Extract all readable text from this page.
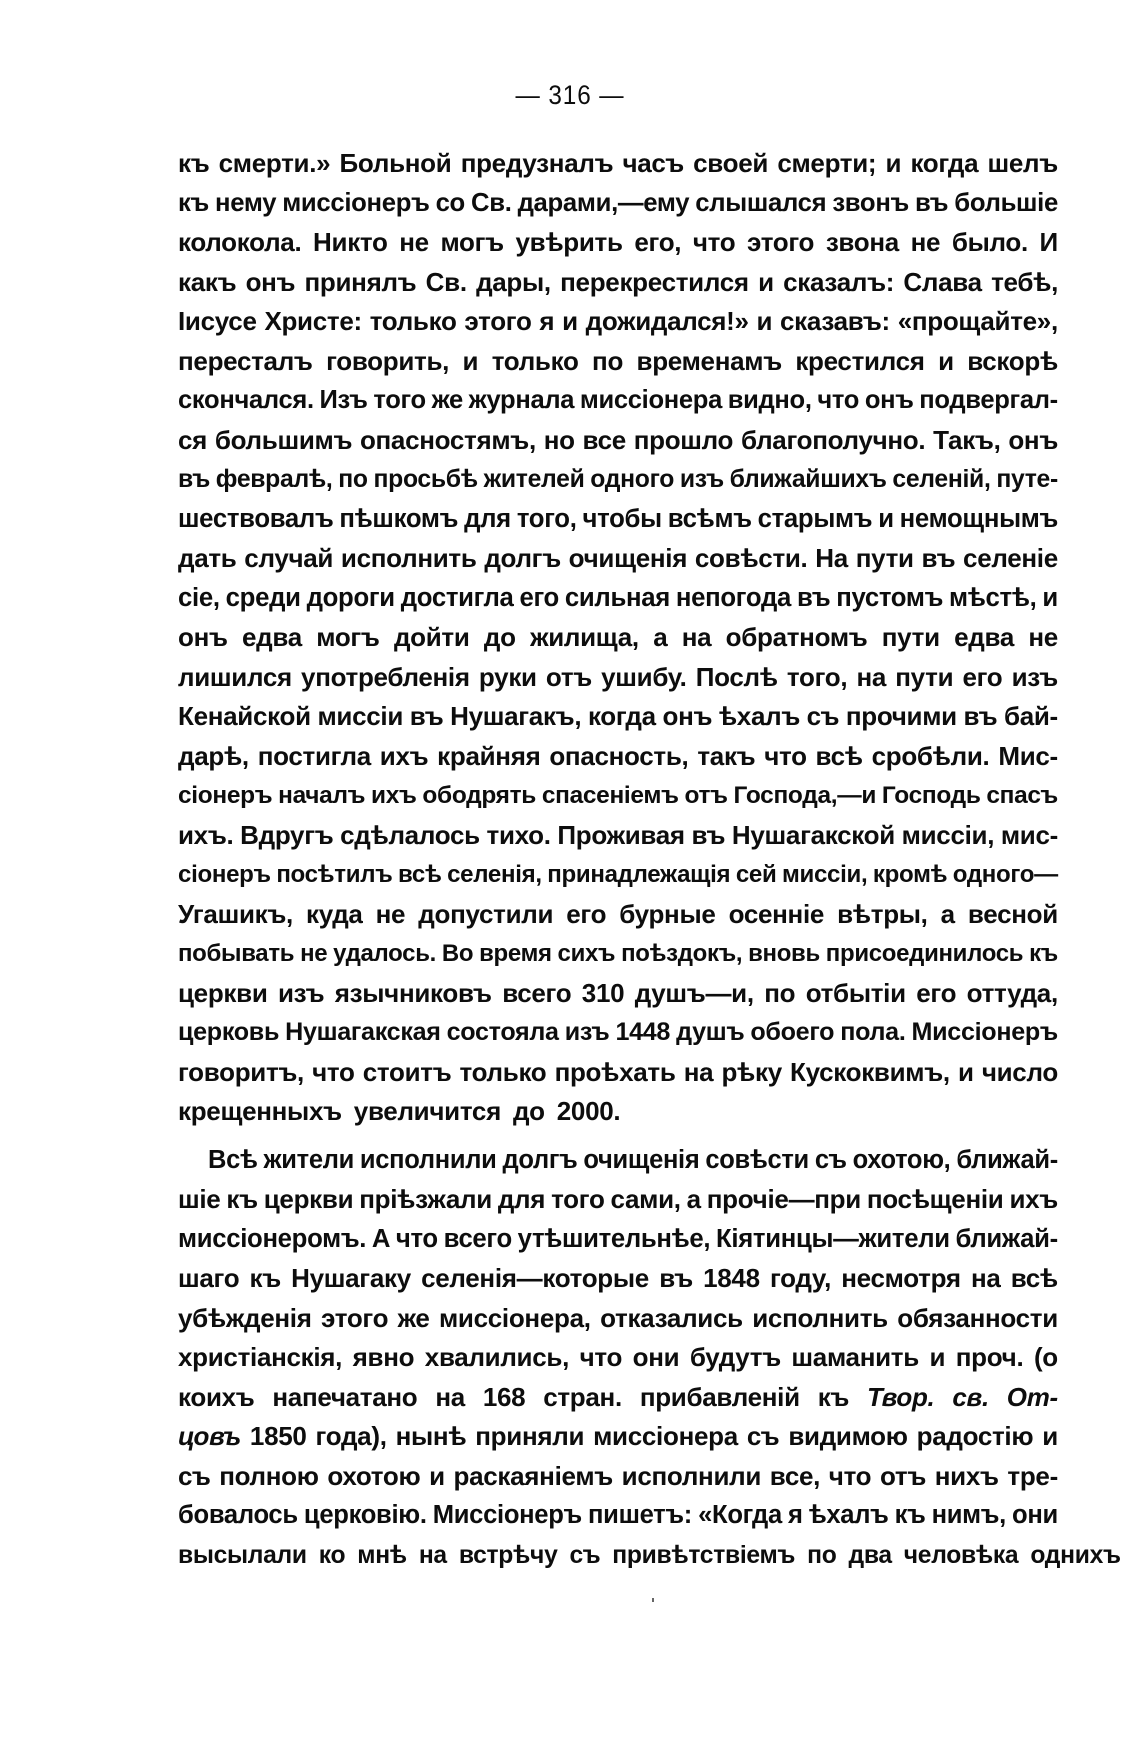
— 316 —
къ смерти.» Больной предузналъ часъ своей смерти; и когда шелъ
къ нему миссіонеръ со Св. дарами,—ему слышался звонъ въ большіе
колокола. Никто не могъ увѣрить его, что этого звона не было. И
какъ онъ принялъ Св. дары, перекрестился и сказалъ: Слава тебѣ,
Іисусе Христе: только этого я и дожидался!» и сказавъ: «прощайте»,
пересталъ говорить, и только по временамъ крестился и вскорѣ
скончался. Изъ того же журнала миссіонера видно, что онъ подвергал-
ся большимъ опасностямъ, но все прошло благополучно. Такъ, онъ
въ февралѣ, по просьбѣ жителей одного изъ ближайшихъ селеній, путе-
шествовалъ пѣшкомъ для того, чтобы всѣмъ старымъ и немощнымъ
дать случай исполнить долгъ очищенія совѣсти. На пути въ селеніе
сіе, среди дороги достигла его сильная непогода въ пустомъ мѣстѣ, и
онъ едва могъ дойти до жилища, а на обратномъ пути едва не
лишился употребленія руки отъ ушибу. Послѣ того, на пути его изъ
Кенайской миссіи въ Нушагакъ, когда онъ ѣхалъ съ прочими въ бай-
дарѣ, постигла ихъ крайняя опасность, такъ что всѣ сробѣли. Мис-
сіонеръ началъ ихъ ободрять спасеніемъ отъ Господа,—и Господь спасъ
ихъ. Вдругъ сдѣлалось тихо. Проживая въ Нушагакской миссіи, мис-
сіонеръ посѣтилъ всѣ селенія, принадлежащія сей миссіи, кромѣ одного—
Угашикъ, куда не допустили его бурные осенніе вѣтры, а весной
побывать не удалось. Во время сихъ поѣздокъ, вновь присоединилось къ
церкви изъ язычниковъ всего 310 душъ—и, по отбытіи его оттуда,
церковь Нушагакская состояла изъ 1448 душъ обоего пола. Миссіонеръ
говоритъ, что стоитъ только проѣхать на рѣку Кускоквимъ, и число
крещенныхъ увеличится до 2000.
Всѣ жители исполнили долгъ очищенія совѣсти съ охотою, ближай-
шіе къ церкви пріѣзжали для того сами, а прочіе—при посѣщеніи ихъ
миссіонеромъ. А что всего утѣшительнѣе, Кіятинцы—жители ближай-
шаго къ Нушагаку селенія—которые въ 1848 году, несмотря на всѣ
убѣжденія этого же миссіонера, отказались исполнить обязанности
христіанскія, явно хвалились, что они будутъ шаманить и проч. (о
коихъ напечатано на 168 стран. прибавленій къ Твор. св. От-
цовъ 1850 года), нынѣ приняли миссіонера съ видимою радостію и
съ полною охотою и раскаяніемъ исполнили все, что отъ нихъ тре-
бовалось церковію. Миссіонеръ пишетъ: «Когда я ѣхалъ къ нимъ, они
высылали ко мнѣ на встрѣчу съ привѣтствіемъ по два человѣка однихъ
